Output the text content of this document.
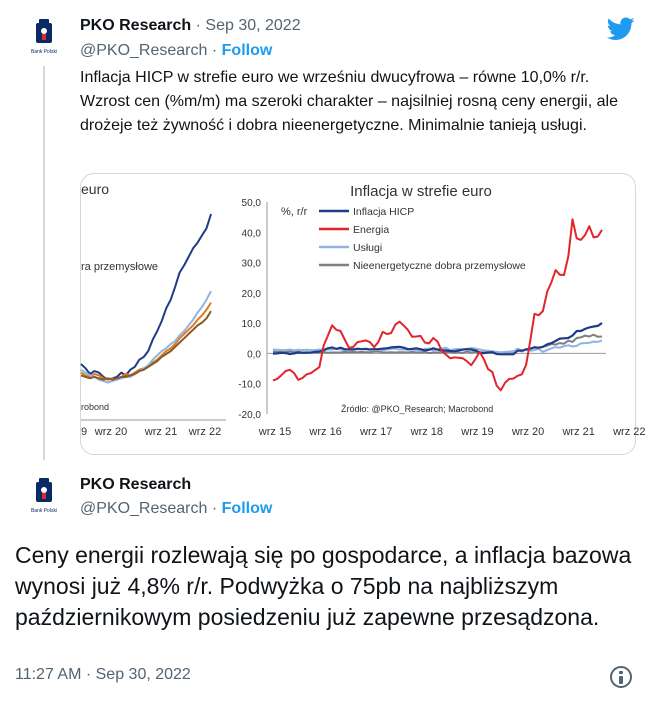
Bank Polski
PKO Research · Sep 30, 2022
@PKO_Research · Follow
Inflacja HICP w strefie euro we wrześniu dwucyfrowa – równe 10,0% r/r. Wzrost cen (%m/m) ma szeroki charakter – najsilniej rosną ceny energii, ale drożeje też żywność i dobra nieenergetyczne. Minimalnie tanieją usługi.
euro
ra przemysłowe
robond
9 wrz 20 wrz 21 wrz 22
Inflacja w strefie euro
50,0
40,0
30,0
20,0
10,0
0,0
-10,0
-20,0
wrz 15 wrz 16 wrz 17 wrz 18 wrz 19 wrz 20 wrz 21 wrz 22
%, r/r	Inflacja HICP
Energia
Usługi
Nieenergetyczne dobra przemysłowe
Źródło: @PKO_Research; Macrobond
Bank Polski
PKO Research
@PKO_Research · Follow
Ceny energii rozlewają się po gospodarce, a inflacja bazowa wynosi już 4,8% r/r. Podwyżka o 75pb na najbliższym październikowym posiedzeniu już zapewne przesądzona.
11:27 AM · Sep 30, 2022
